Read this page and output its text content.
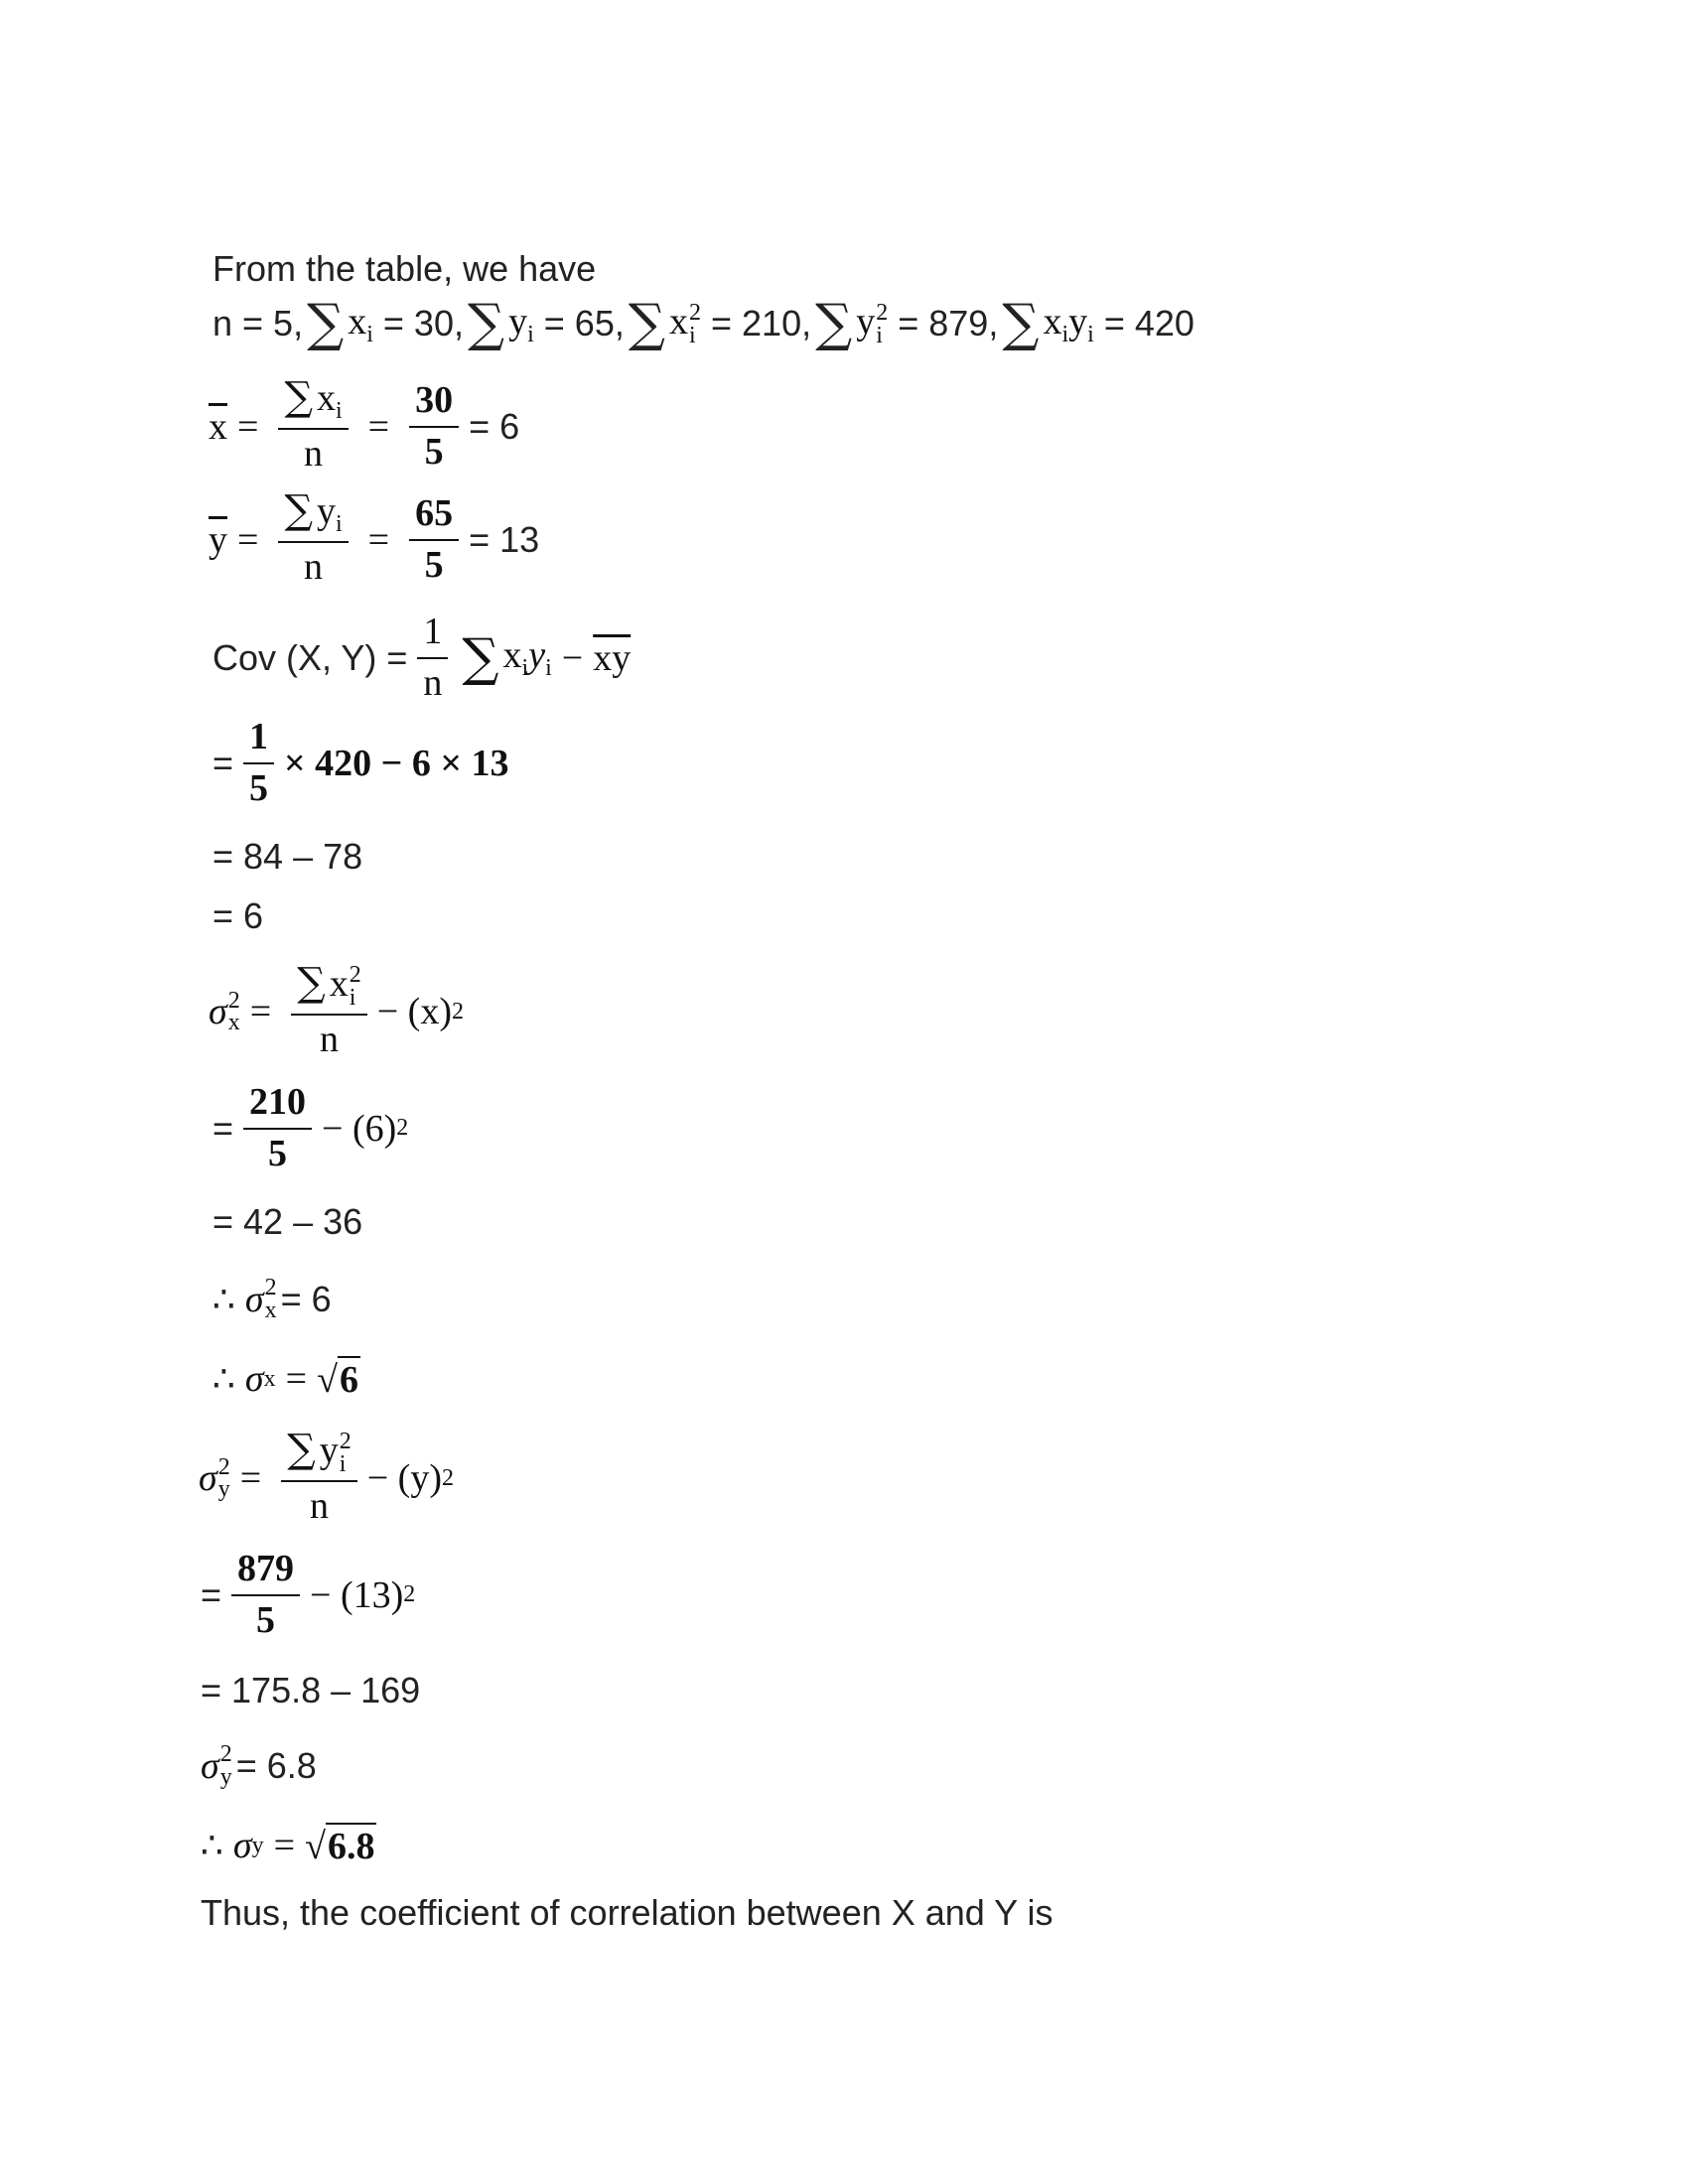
From the table, we have
n = 5, ∑ $x_i$
= 30, ∑ $y_i$
= 65, ∑ x 2
i
= 210, ∑ y 2
i
= 879, ∑ $x_iy_i$
= 420
$\overline{x} = \frac{\sum x_i}{n} = \frac{30}{5} = 6$
$\overline{y} = \frac{\sum y_i}{n} = \frac{65}{5} = 13$
Cov (X, $Y) = \frac{1}{n}$ ∑ $x_iy_i - \overline{xy}$
= $\frac{1}{5} \times 420 - 6 \times 13$
= 84 – 78
= 6
σ 2
x = ∑ x 2
i
n − (x) 2
= $\frac{210}{5} - (6)$ 2
= 42 – 36
∴ σ 2
x
= 6
∴ σ x = √ 6
σ 2
y = ∑ y 2
i
n − (y) 2
= $\frac{879}{5} - (13)$ 2
= 175.8 – 169
σ 2
y
= 6.8
∴ σ y = √ 6.8
Thus, the coefficient of correlation between X and Y is
